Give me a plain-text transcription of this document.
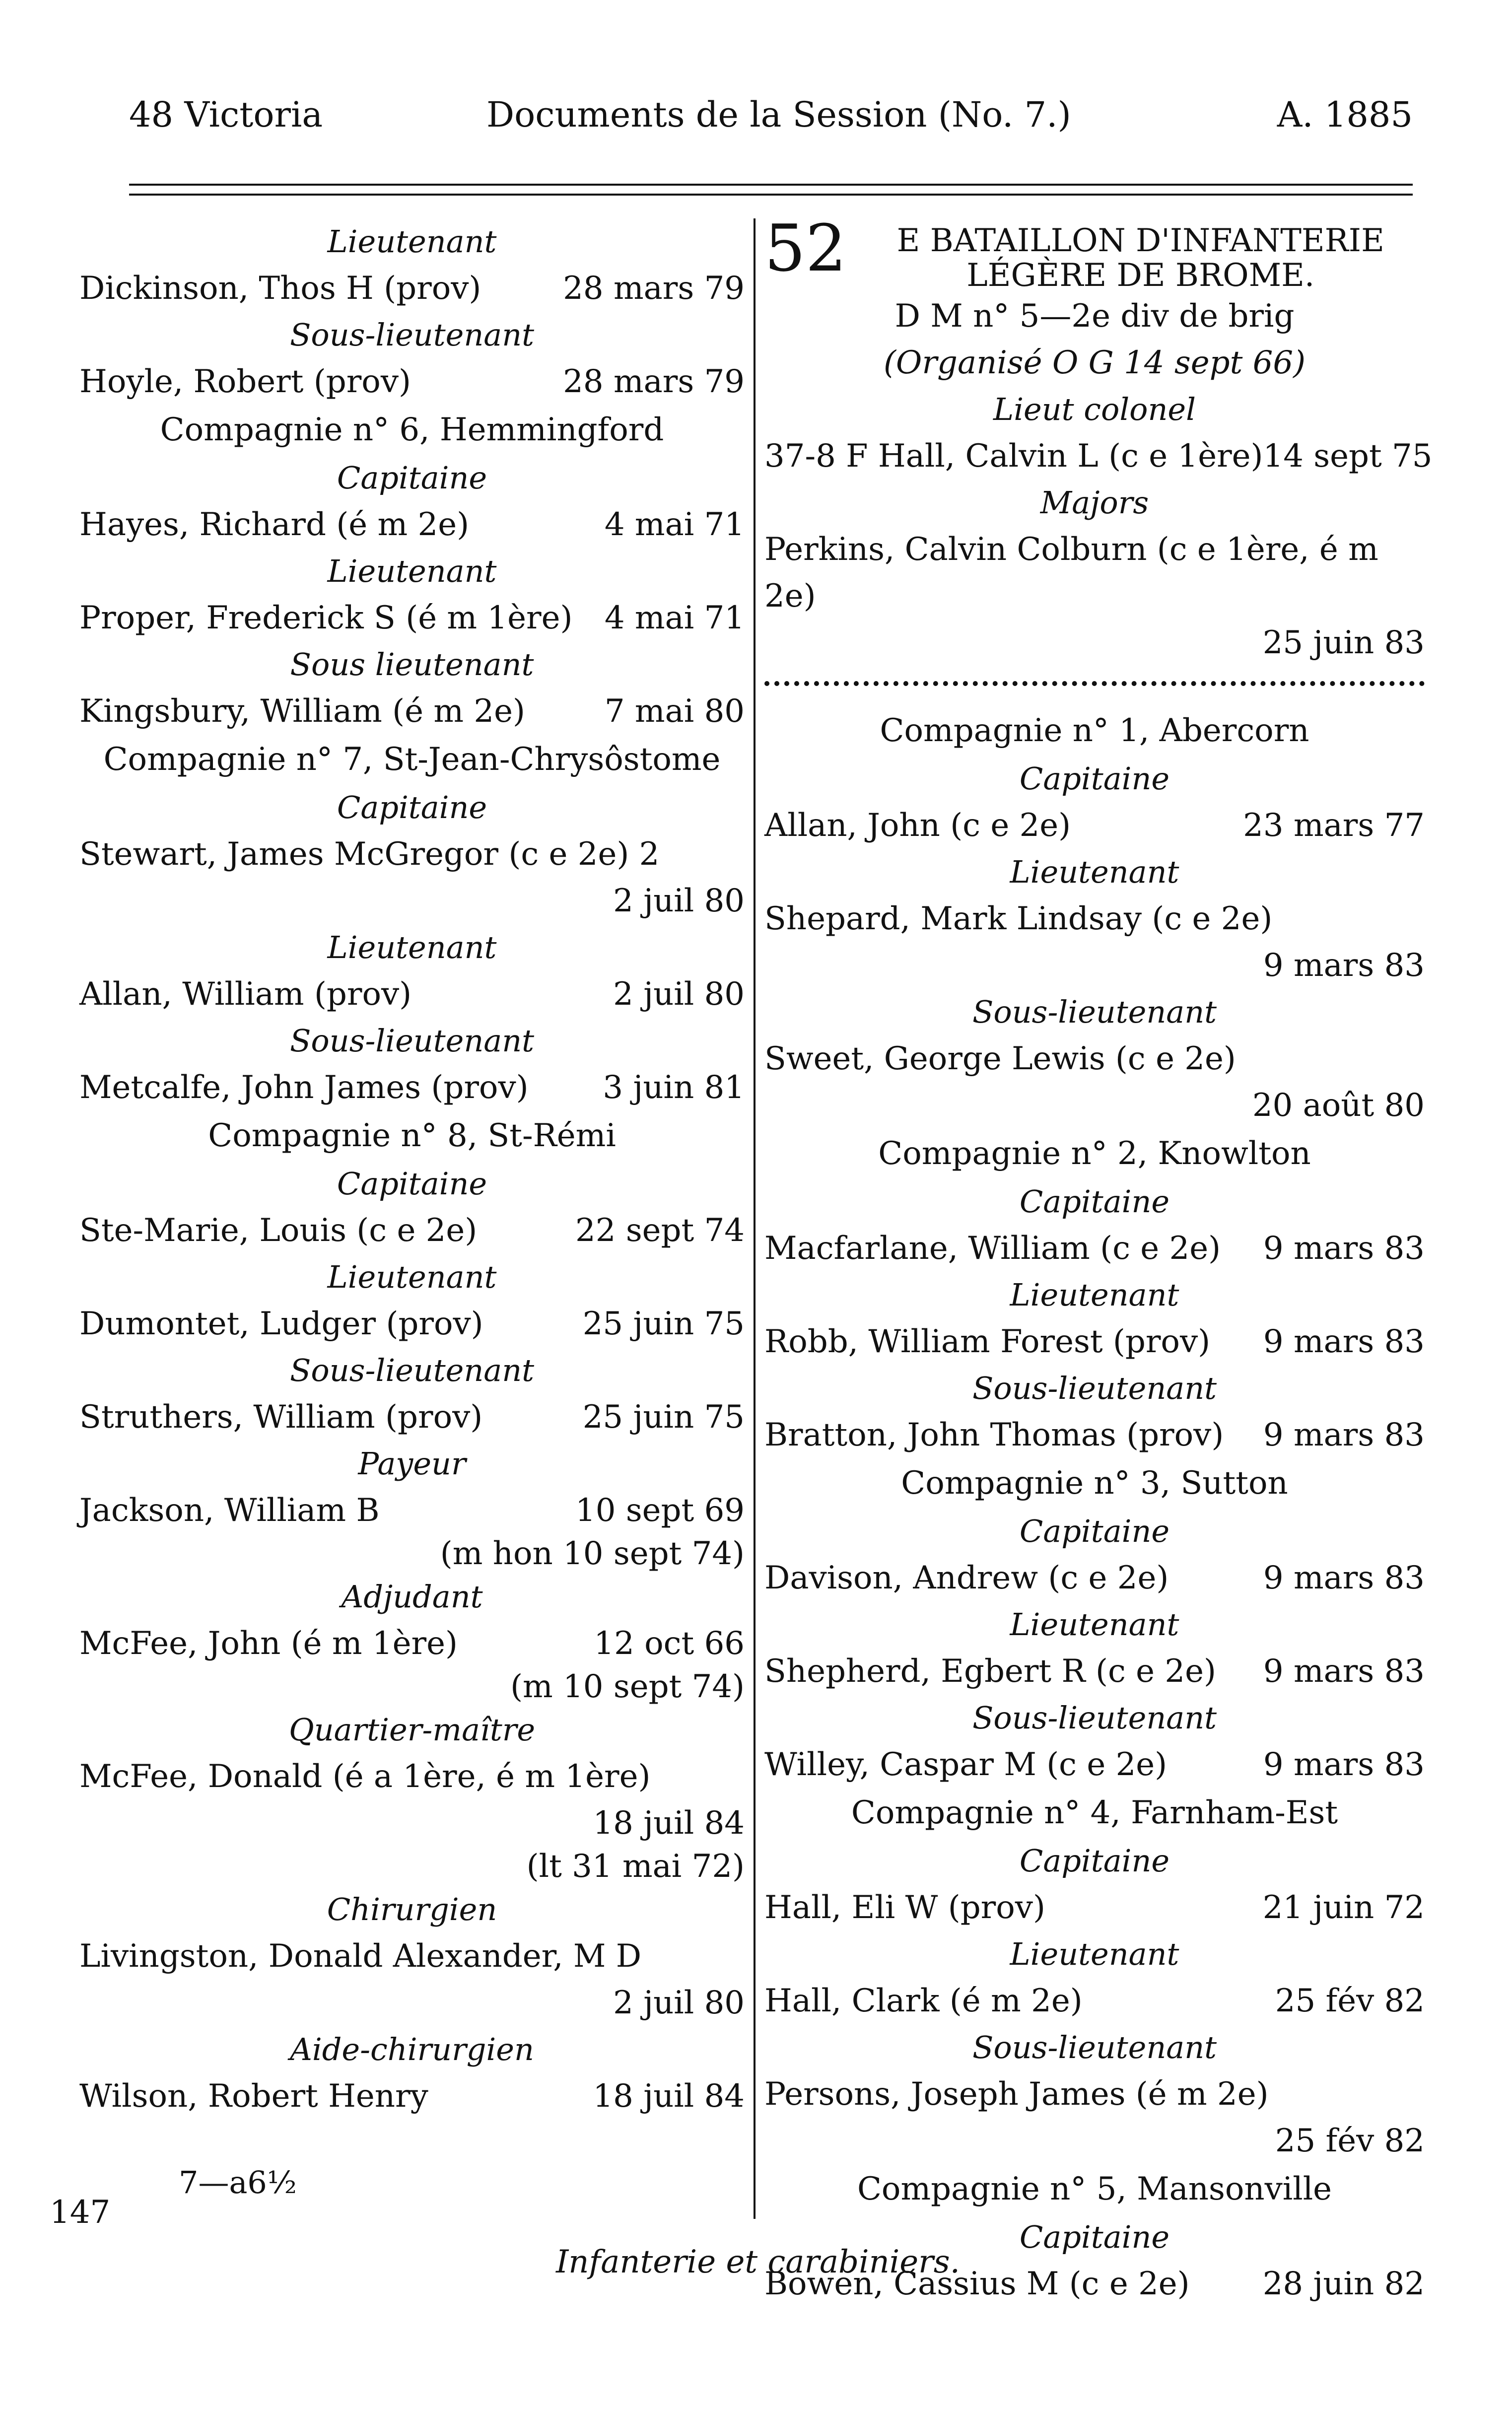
48 Victoria	Documents de la Session (No. 7.)	A. 1885
Lieutenant
Dickinson, Thos H (prov)	28 mars 79
Sous-lieutenant
Hoyle, Robert (prov)	28 mars 79
Compagnie n° 6, Hemmingford
Capitaine
Hayes, Richard (é m 2e)	4 mai 71
Lieutenant
Proper, Frederick S (é m 1ère) 4 mai 71
Sous lieutenant
Kingsbury, William (é m 2e) 7 mai 80
Compagnie n° 7, St-Jean-Chrysôstome
Capitaine
Stewart, James McGregor (c e 2e) 2
2 juil 80
Lieutenant
Allan, William (prov)	2 juil 80
Sous-lieutenant
Metcalfe, John James (prov) 3 juin 81
Compagnie n° 8, St-Rémi
Capitaine
Ste-Marie, Louis (c e 2e)	22 sept 74
Lieutenant
Dumontet, Ludger (prov)	25 juin 75
Sous-lieutenant
Struthers, William (prov)	25 juin 75
Payeur
Jackson, William B	10 sept 69
(m hon 10 sept 74)
Adjudant
McFee, John (é m 1ère)	12 oct 66
(m 10 sept 74)
Quartier-maître
McFee, Donald (é a 1ère, é m 1ère)
18 juil 84
(lt 31 mai 72)
Chirurgien
Livingston, Donald Alexander, M D
2 juil 80
Aide-chirurgien
Wilson, Robert Henry	18 juil 84
52	E BATAILLON D'INFANTERIE
LÉGÈRE DE BROME.
D M n° 5—2e div de brig
(Organisé O G 14 sept 66)
Lieut colonel
37-8 F Hall, Calvin L (c e 1ère) 14 sept 75
Majors
Perkins, Calvin Colburn (c e 1ère, é m 2e)
25 juin 83
Compagnie n° 1, Abercorn
Capitaine
Allan, John (c e 2e)	23 mars 77
Lieutenant
Shepard, Mark Lindsay (c e 2e)
9 mars 83
Sous-lieutenant
Sweet, George Lewis (c e 2e)
20 août 80
Compagnie n° 2, Knowlton
Capitaine
Macfarlane, William (c e 2e) 9 mars 83
Lieutenant
Robb, William Forest (prov) 9 mars 83
Sous-lieutenant
Bratton, John Thomas (prov) 9 mars 83
Compagnie n° 3, Sutton
Capitaine
Davison, Andrew (c e 2e)	9 mars 83
Lieutenant
Shepherd, Egbert R (c e 2e) 9 mars 83
Sous-lieutenant
Willey, Caspar M (c e 2e)	9 mars 83
Compagnie n° 4, Farnham-Est
Capitaine
Hall, Eli W (prov)	21 juin 72
Lieutenant
Hall, Clark (é m 2e)	25 fév 82
Sous-lieutenant
Persons, Joseph James (é m 2e)
25 fév 82
Compagnie n° 5, Mansonville
Capitaine
Bowen, Cassius M (c e 2e) 28 juin 82
7—a6½
147
Infanterie et carabiniers.
